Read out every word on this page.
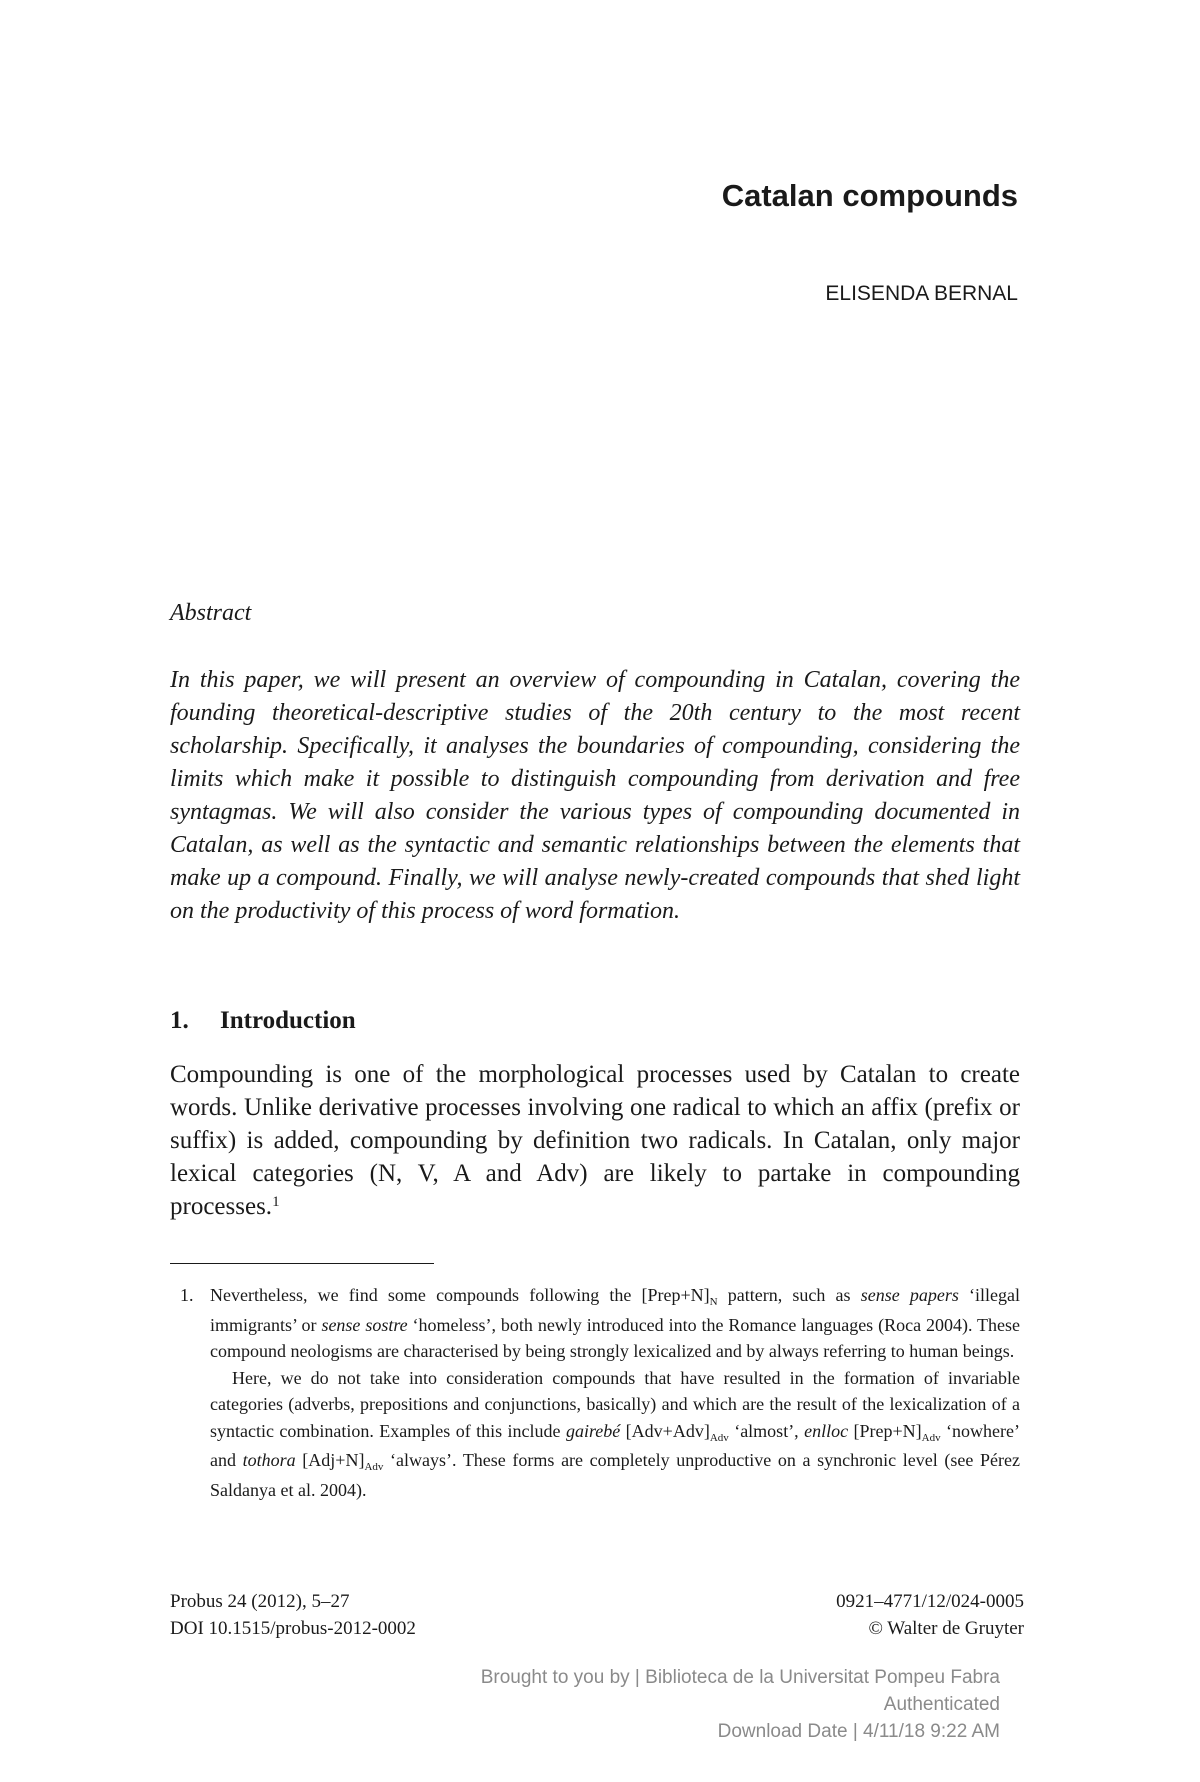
Catalan compounds
ELISENDA BERNAL
Abstract

In this paper, we will present an overview of compounding in Catalan, covering the founding theoretical-descriptive studies of the 20th century to the most recent scholarship. Specifically, it analyses the boundaries of compounding, considering the limits which make it possible to distinguish compounding from derivation and free syntagmas. We will also consider the various types of compounding documented in Catalan, as well as the syntactic and semantic relationships between the elements that make up a compound. Finally, we will analyse newly-created compounds that shed light on the productivity of this process of word formation.

1. Introduction

Compounding is one of the morphological processes used by Catalan to create words. Unlike derivative processes involving one radical to which an affix (prefix or suffix) is added, compounding by definition two radicals. In Catalan, only major lexical categories (N, V, A and Adv) are likely to partake in compounding processes.$^1$

1. Nevertheless, we find some compounds following the $[Prep+N]_N$ pattern, such as sense papers ‘illegal immigrants’ or sense sostre ‘homeless’, both newly introduced into the Romance languages (Roca 2004). These compound neologisms are characterised by being strongly lexicalized and by always referring to human beings.

Here, we do not take into consideration compounds that have resulted in the formation of invariable categories (adverbs, prepositions and conjunctions, basically) and which are the result of the lexicalization of a syntactic combination. Examples of this include gairebé $[Adv+Adv]_{Adv}$ ‘almost’, enlloc $[Prep+N]_{Adv}$ ‘nowhere’ and tothora $[Adj+N]_{Adv}$ ‘always’. These forms are completely unproductive on a synchronic level (see Pérez Saldanya et al. 2004).

Probus 24 (2012), 5–27
DOI 10.1515/probus-2012-0002
0921–4771/12/024-0005
© Walter de Gruyter
Brought to you by | Biblioteca de la Universitat Pompeu Fabra
Authenticated
Download Date | 4/11/18 9:22 AM
